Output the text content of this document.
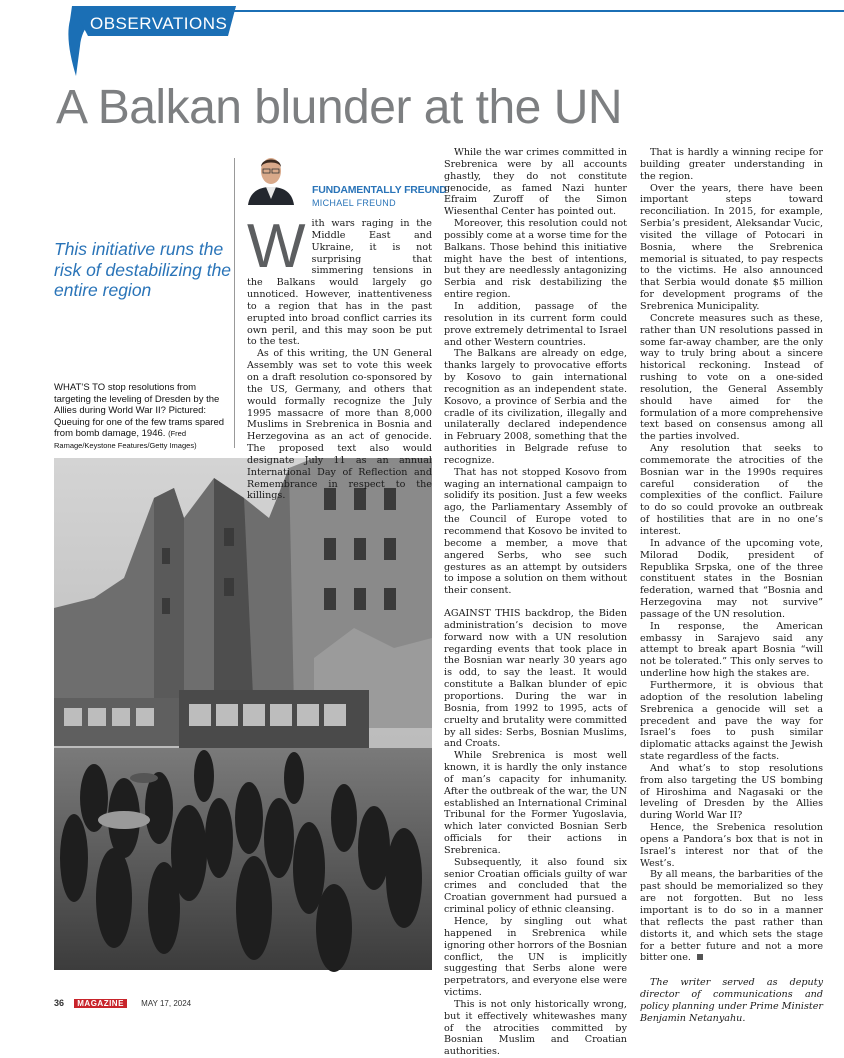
OBSERVATIONS
A Balkan blunder at the UN
This initiative runs the risk of destabilizing the entire region
WHAT’S TO stop resolutions from targeting the leveling of Dresden by the Allies during World War II? Pictured: Queuing for one of the few trams spared from bomb damage, 1946. (Fred Ramage/Keystone Features/Getty Images)
FUNDAMENTALLY FREUND
MICHAEL FREUND

With wars raging in the Middle East and Ukraine, it is not surprising that simmering tensions in the Balkans would largely go unnoticed. However, inattentiveness to a region that has in the past erupted into broad conflict carries its own peril, and this may soon be put to the test.

As of this writing, the UN General Assembly was set to vote this week on a draft resolution co-sponsored by the US, Germany, and others that would formally recognize the July 1995 massacre of more than 8,000 Muslims in Srebrenica in Bosnia and Herzegovina as an act of genocide. The proposed text also would designate July 11 as an annual International Day of Reflection and Remembrance in respect to the killings.

While the war crimes committed in Srebrenica were by all accounts ghastly, they do not constitute genocide, as famed Nazi hunter Efraim Zuroff of the Simon Wiesenthal Center has pointed out.

Moreover, this resolution could not possibly come at a worse time for the Balkans. Those behind this initiative might have the best of intentions, but they are needlessly antagonizing Serbia and risk destabilizing the entire region.

In addition, passage of the resolution in its current form could prove extremely detrimental to Israel and other Western countries.

The Balkans are already on edge, thanks largely to provocative efforts by Kosovo to gain international recognition as an independent state. Kosovo, a province of Serbia and the cradle of its civilization, illegally and unilaterally declared independence in February 2008, something that the authorities in Belgrade refuse to recognize.

That has not stopped Kosovo from waging an international campaign to solidify its position. Just a few weeks ago, the Parliamentary Assembly of the Council of Europe voted to recommend that Kosovo be invited to become a member, a move that angered Serbs, who see such gestures as an attempt by outsiders to impose a solution on them without their consent.

AGAINST THIS backdrop, the Biden administration’s decision to move forward now with a UN resolution regarding events that took place in the Bosnian war nearly 30 years ago is odd, to say the least. It would constitute a Balkan blunder of epic proportions. During the war in Bosnia, from 1992 to 1995, acts of cruelty and brutality were committed by all sides: Serbs, Bosnian Muslims, and Croats.

While Srebrenica is most well known, it is hardly the only instance of man’s capacity for inhumanity. After the outbreak of the war, the UN established an International Criminal Tribunal for the Former Yugoslavia, which later convicted Bosnian Serb officials for their actions in Srebrenica.

Subsequently, it also found six senior Croatian officials guilty of war crimes and concluded that the Croatian government had pursued a criminal policy of ethnic cleansing.

Hence, by singling out what happened in Srebrenica while ignoring other horrors of the Bosnian conflict, the UN is implicitly suggesting that Serbs alone were perpetrators, and everyone else were victims.

This is not only historically wrong, but it effectively whitewashes many of the atrocities committed by Bosnian Muslim and Croatian authorities.

That is hardly a winning recipe for building greater understanding in the region.

Over the years, there have been important steps toward reconciliation. In 2015, for example, Serbia’s president, Aleksandar Vucic, visited the village of Potocari in Bosnia, where the Srebrenica memorial is situated, to pay respects to the victims. He also announced that Serbia would donate $5 million for development programs of the Srebrenica Municipality.

Concrete measures such as these, rather than UN resolutions passed in some far-away chamber, are the only way to truly bring about a sincere historical reckoning. Instead of rushing to vote on a one-sided resolution, the General Assembly should have aimed for the formulation of a more comprehensive text based on consensus among all the parties involved.

Any resolution that seeks to commemorate the atrocities of the Bosnian war in the 1990s requires careful consideration of the complexities of the conflict. Failure to do so could provoke an outbreak of hostilities that are in no one’s interest.

In advance of the upcoming vote, Milorad Dodik, president of Republika Srpska, one of the three constituent states in the Bosnian federation, warned that “Bosnia and Herzegovina may not survive” passage of the UN resolution.

In response, the American embassy in Sarajevo said any attempt to break apart Bosnia “will not be tolerated.” This only serves to underline how high the stakes are.

Furthermore, it is obvious that adoption of the resolution labeling Srebrenica a genocide will set a precedent and pave the way for Israel’s foes to push similar diplomatic attacks against the Jewish state regardless of the facts.

And what’s to stop resolutions from also targeting the US bombing of Hiroshima and Nagasaki or the leveling of Dresden by the Allies during World War II?

Hence, the Srebenica resolution opens a Pandora’s box that is not in Israel’s interest nor that of the West’s.

By all means, the barbarities of the past should be memorialized so they are not forgotten. But no less important is to do so in a manner that reflects the past rather than distorts it, and which sets the stage for a better future and not a more bitter one.

The writer served as deputy director of communications and policy planning under Prime Minister Benjamin Netanyahu.

36 MAGAZINE MAY 17, 2024
